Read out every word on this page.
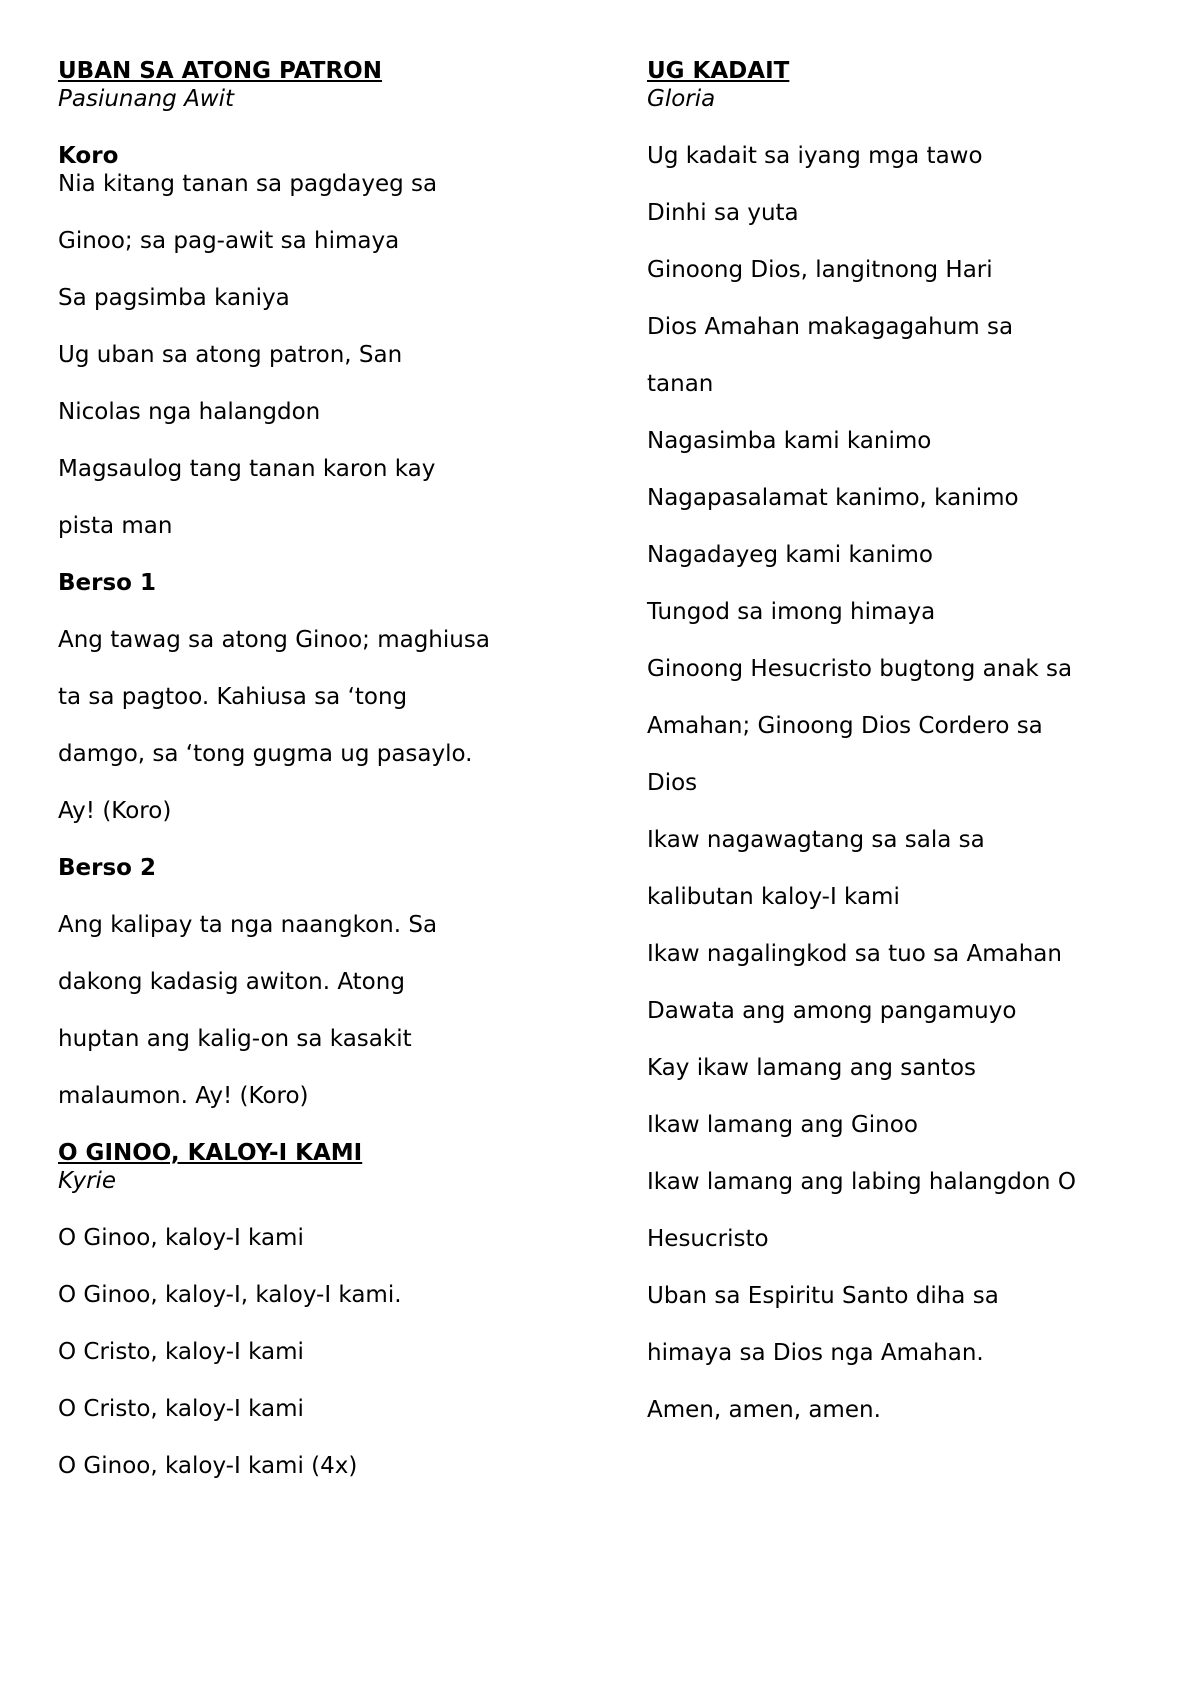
UBAN SA ATONG PATRON
Pasiunang Awit
Koro
Nia kitang tanan sa pagdayeg sa
Ginoo; sa pag-awit sa himaya
Sa pagsimba kaniya
Ug uban sa atong patron, San
Nicolas nga halangdon
Magsaulog tang tanan karon kay
pista man
Berso 1
Ang tawag sa atong Ginoo; maghiusa
ta sa pagtoo. Kahiusa sa ‘tong
damgo, sa ‘tong gugma ug pasaylo.
Ay! (Koro)
Berso 2
Ang kalipay ta nga naangkon. Sa
dakong kadasig awiton. Atong
huptan ang kalig-on sa kasakit
malaumon. Ay! (Koro)
O GINOO, KALOY-I KAMI
Kyrie
O Ginoo, kaloy-I kami
O Ginoo, kaloy-I, kaloy-I kami.
O Cristo, kaloy-I kami
O Cristo, kaloy-I kami
O Ginoo, kaloy-I kami (4x)
UG KADAIT
Gloria
Ug kadait sa iyang mga tawo
Dinhi sa yuta
Ginoong Dios, langitnong Hari
Dios Amahan makagagahum sa
tanan
Nagasimba kami kanimo
Nagapasalamat kanimo, kanimo
Nagadayeg kami kanimo
Tungod sa imong himaya
Ginoong Hesucristo bugtong anak sa
Amahan; Ginoong Dios Cordero sa
Dios
Ikaw nagawagtang sa sala sa
kalibutan kaloy-I kami
Ikaw nagalingkod sa tuo sa Amahan
Dawata ang among pangamuyo
Kay ikaw lamang ang santos
Ikaw lamang ang Ginoo
Ikaw lamang ang labing halangdon O
Hesucristo
Uban sa Espiritu Santo diha sa
himaya sa Dios nga Amahan.
Amen, amen, amen.
